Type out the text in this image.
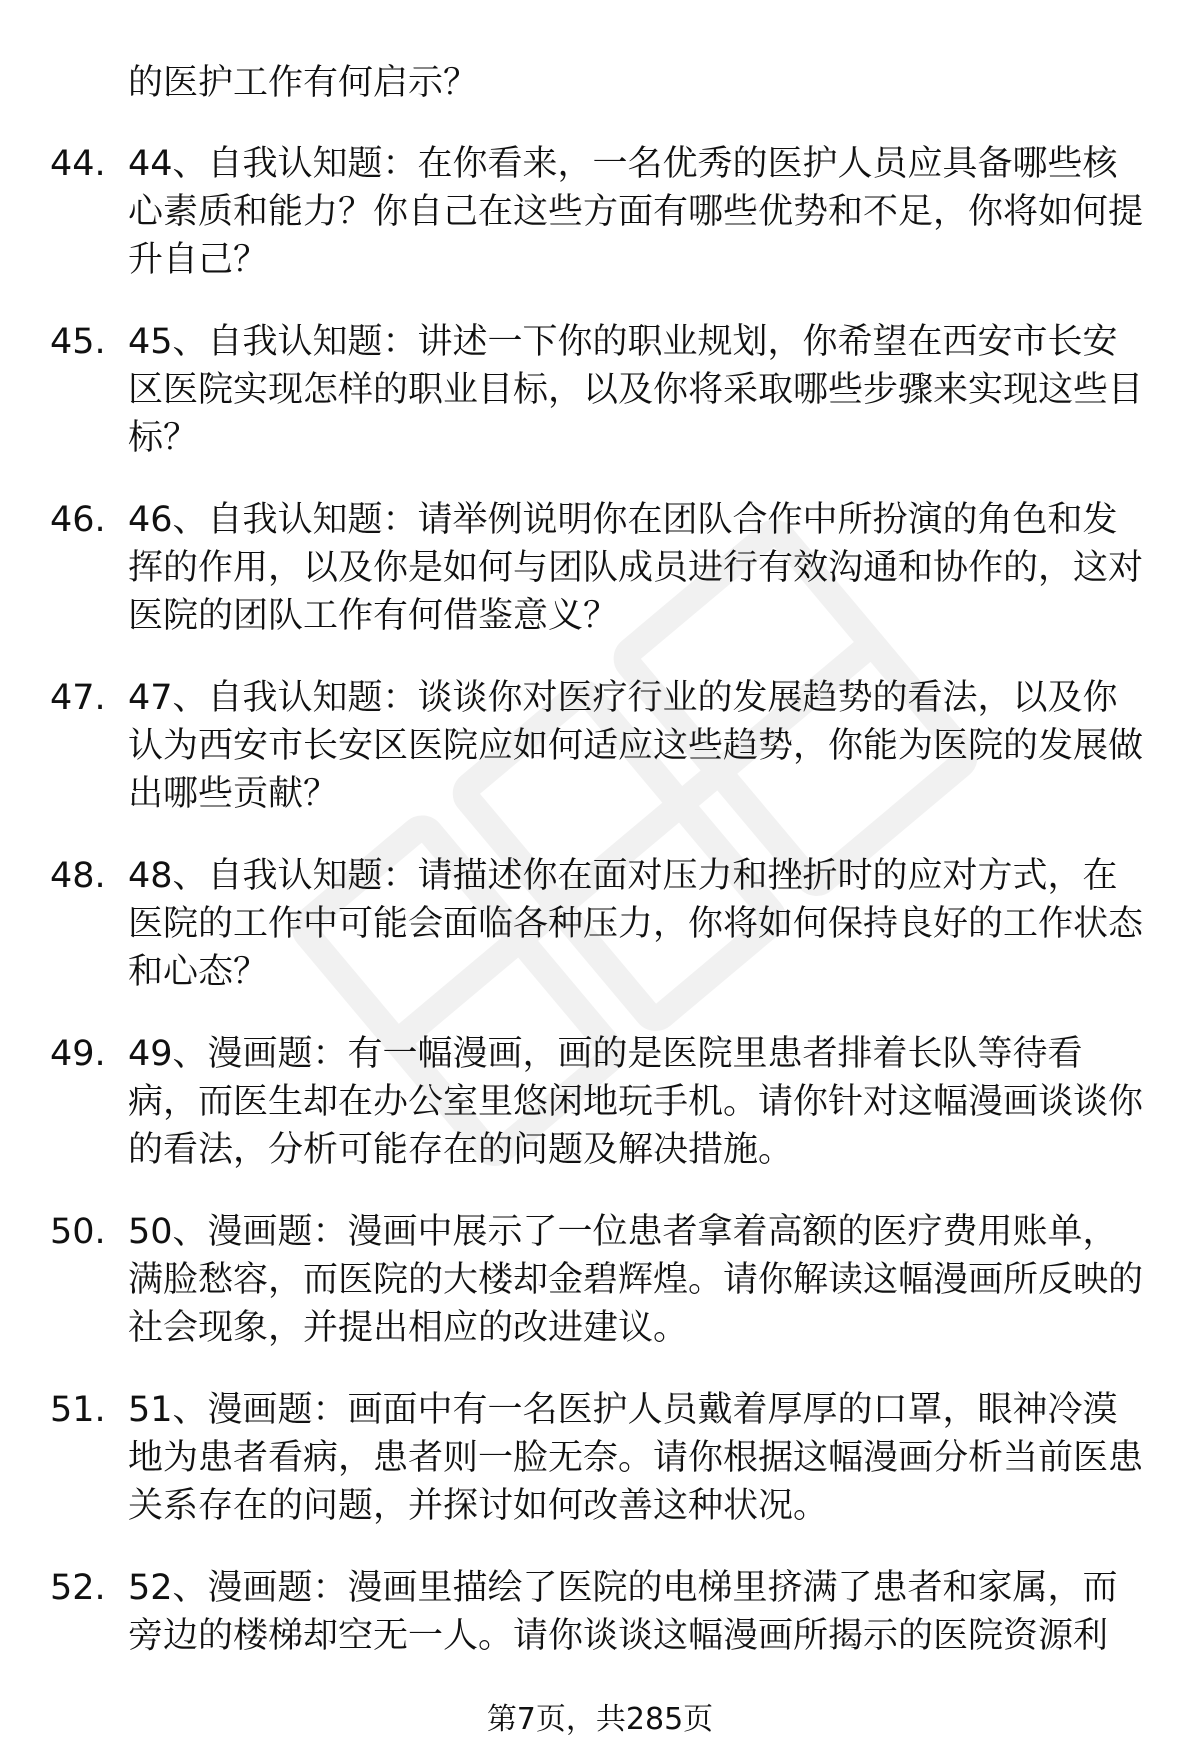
的医护工作有何启示？
44. 44、自我认知题：在你看来，一名优秀的医护人员应具备哪些核心素质和能力？你自己在这些方面有哪些优势和不足，你将如何提升自己？
45. 45、自我认知题：讲述一下你的职业规划，你希望在西安市长安区医院实现怎样的职业目标，以及你将采取哪些步骤来实现这些目标？
46. 46、自我认知题：请举例说明你在团队合作中所扮演的角色和发挥的作用，以及你是如何与团队成员进行有效沟通和协作的，这对医院的团队工作有何借鉴意义？
47. 47、自我认知题：谈谈你对医疗行业的发展趋势的看法，以及你认为西安市长安区医院应如何适应这些趋势，你能为医院的发展做出哪些贡献？
48. 48、自我认知题：请描述你在面对压力和挫折时的应对方式，在医院的工作中可能会面临各种压力，你将如何保持良好的工作状态和心态？
49. 49、漫画题：有一幅漫画，画的是医院里患者排着长队等待看病，而医生却在办公室里悠闲地玩手机。请你针对这幅漫画谈谈你的看法，分析可能存在的问题及解决措施。
50. 50、漫画题：漫画中展示了一位患者拿着高额的医疗费用账单，满脸愁容，而医院的大楼却金碧辉煌。请你解读这幅漫画所反映的社会现象，并提出相应的改进建议。
51. 51、漫画题：画面中有一名医护人员戴着厚厚的口罩，眼神冷漠地为患者看病，患者则一脸无奈。请你根据这幅漫画分析当前医患关系存在的问题，并探讨如何改善这种状况。
52. 52、漫画题：漫画里描绘了医院的电梯里挤满了患者和家属，而旁边的楼梯却空无一人。请你谈谈这幅漫画所揭示的医院资源利
第7页，共285页
